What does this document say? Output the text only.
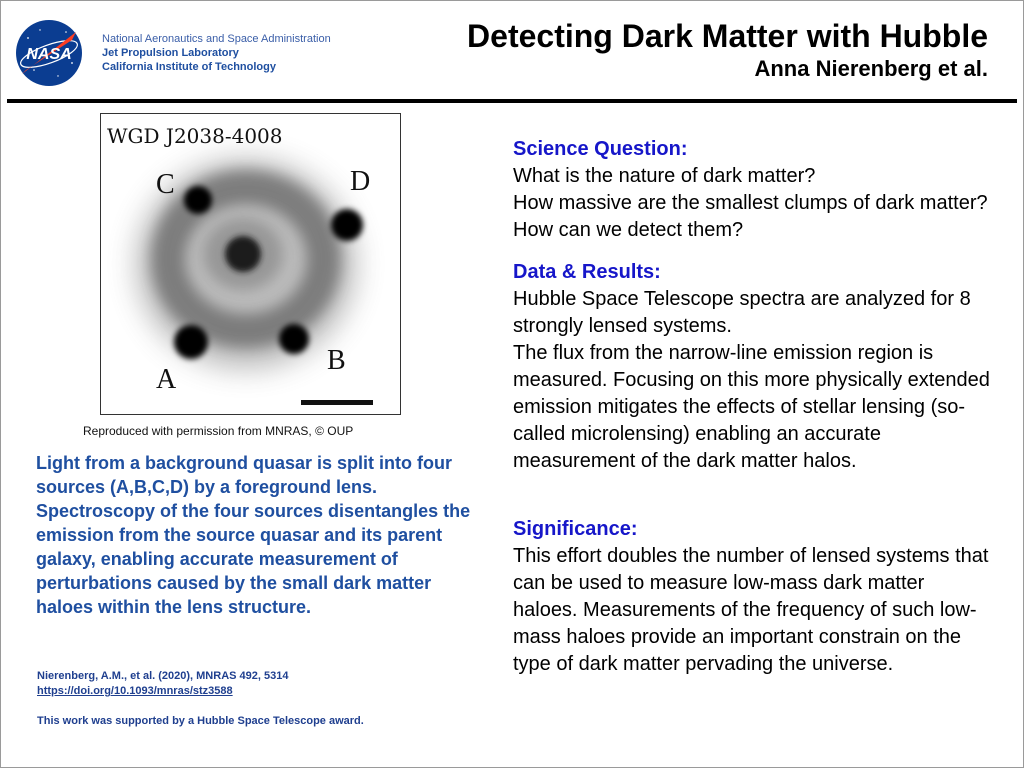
NASA
National Aeronautics and Space Administration
Jet Propulsion Laboratory
California Institute of Technology
Detecting Dark Matter with Hubble
Anna Nierenberg et al.
WGD J2038-4008
C	D
B
A
Reproduced with permission from MNRAS, © OUP
Light from a background quasar is split into four sources (A,B,C,D) by a foreground lens. Spectroscopy of the four sources disentangles the emission from the source quasar and its parent galaxy, enabling accurate measurement of perturbations caused by the small dark matter haloes within the lens structure.
Nierenberg, A.M., et al. (2020), MNRAS 492, 5314
https://doi.org/10.1093/mnras/stz3588
This work was supported by a Hubble Space Telescope award.
Science Question:

What is the nature of dark matter?
How massive are the smallest clumps of dark matter? How can we detect them?

Data & Results:

Hubble Space Telescope spectra are analyzed for 8 strongly lensed systems.
The flux from the narrow-line emission region is measured. Focusing on this more physically extended emission mitigates the effects of stellar lensing (so-called microlensing) enabling an accurate measurement of the dark matter halos.

Significance:

This effort doubles the number of lensed systems that can be used to measure low-mass dark matter haloes. Measurements of the frequency of such low-mass haloes provide an important constrain on the type of dark matter pervading the universe.
